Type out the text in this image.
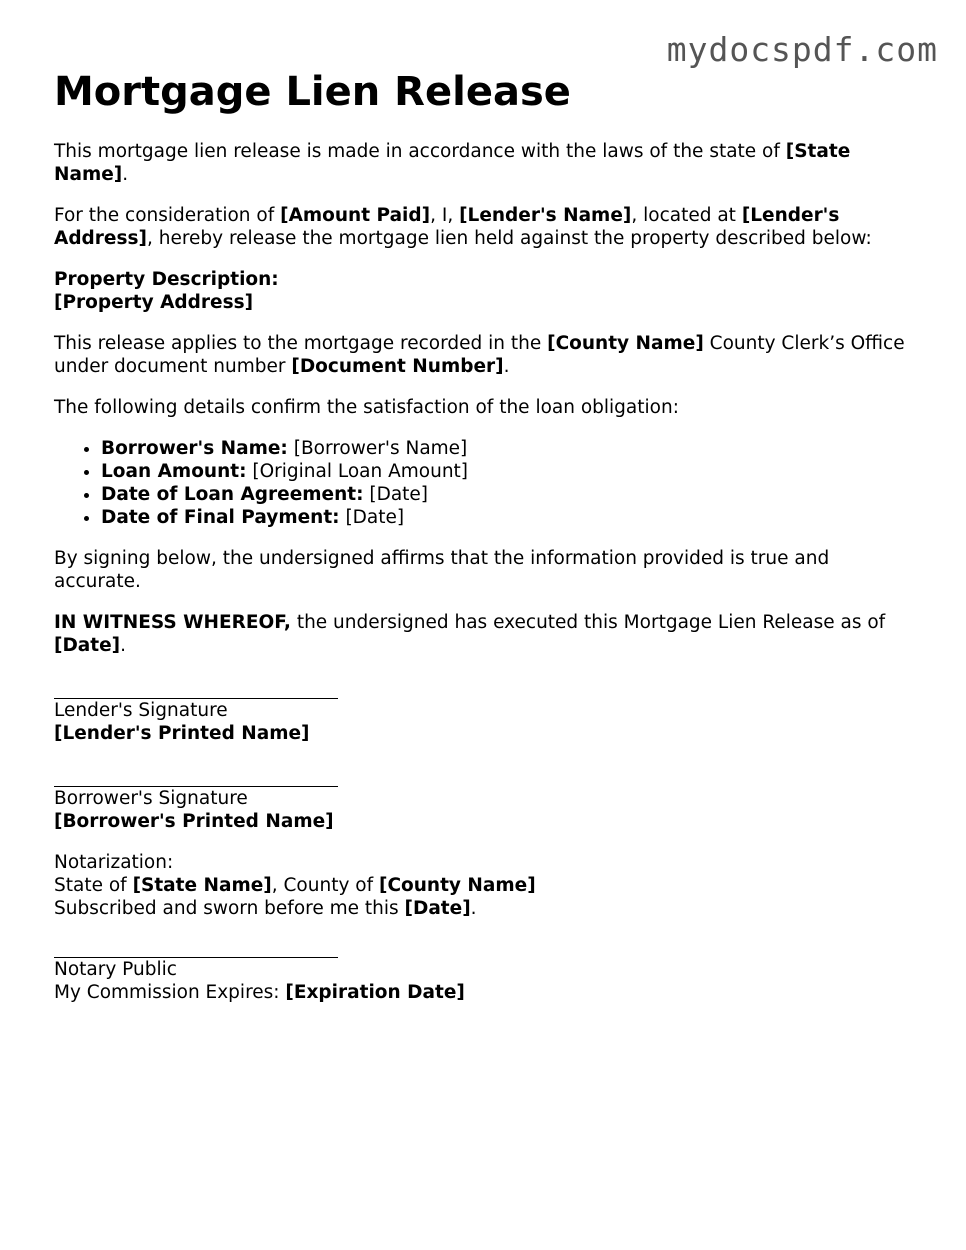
mydocspdf.com
Mortgage Lien Release

This mortgage lien release is made in accordance with the laws of the state of [State Name].

For the consideration of [Amount Paid], I, [Lender's Name], located at [Lender's Address], hereby release the mortgage lien held against the property described below:

Property Description:
[Property Address]

This release applies to the mortgage recorded in the [County Name] County Clerk’s Office under document number [Document Number].

The following details confirm the satisfaction of the loan obligation:

• Borrower's Name: [Borrower's Name]
• Loan Amount: [Original Loan Amount]
• Date of Loan Agreement: [Date]
• Date of Final Payment: [Date]

By signing below, the undersigned affirms that the information provided is true and accurate.

IN WITNESS WHEREOF, the undersigned has executed this Mortgage Lien Release as of [Date].

Lender's Signature
[Lender's Printed Name]
Borrower's Signature
[Borrower's Printed Name]
Notarization:
State of [State Name], County of [County Name]
Subscribed and sworn before me this [Date].
Notary Public
My Commission Expires: [Expiration Date]
